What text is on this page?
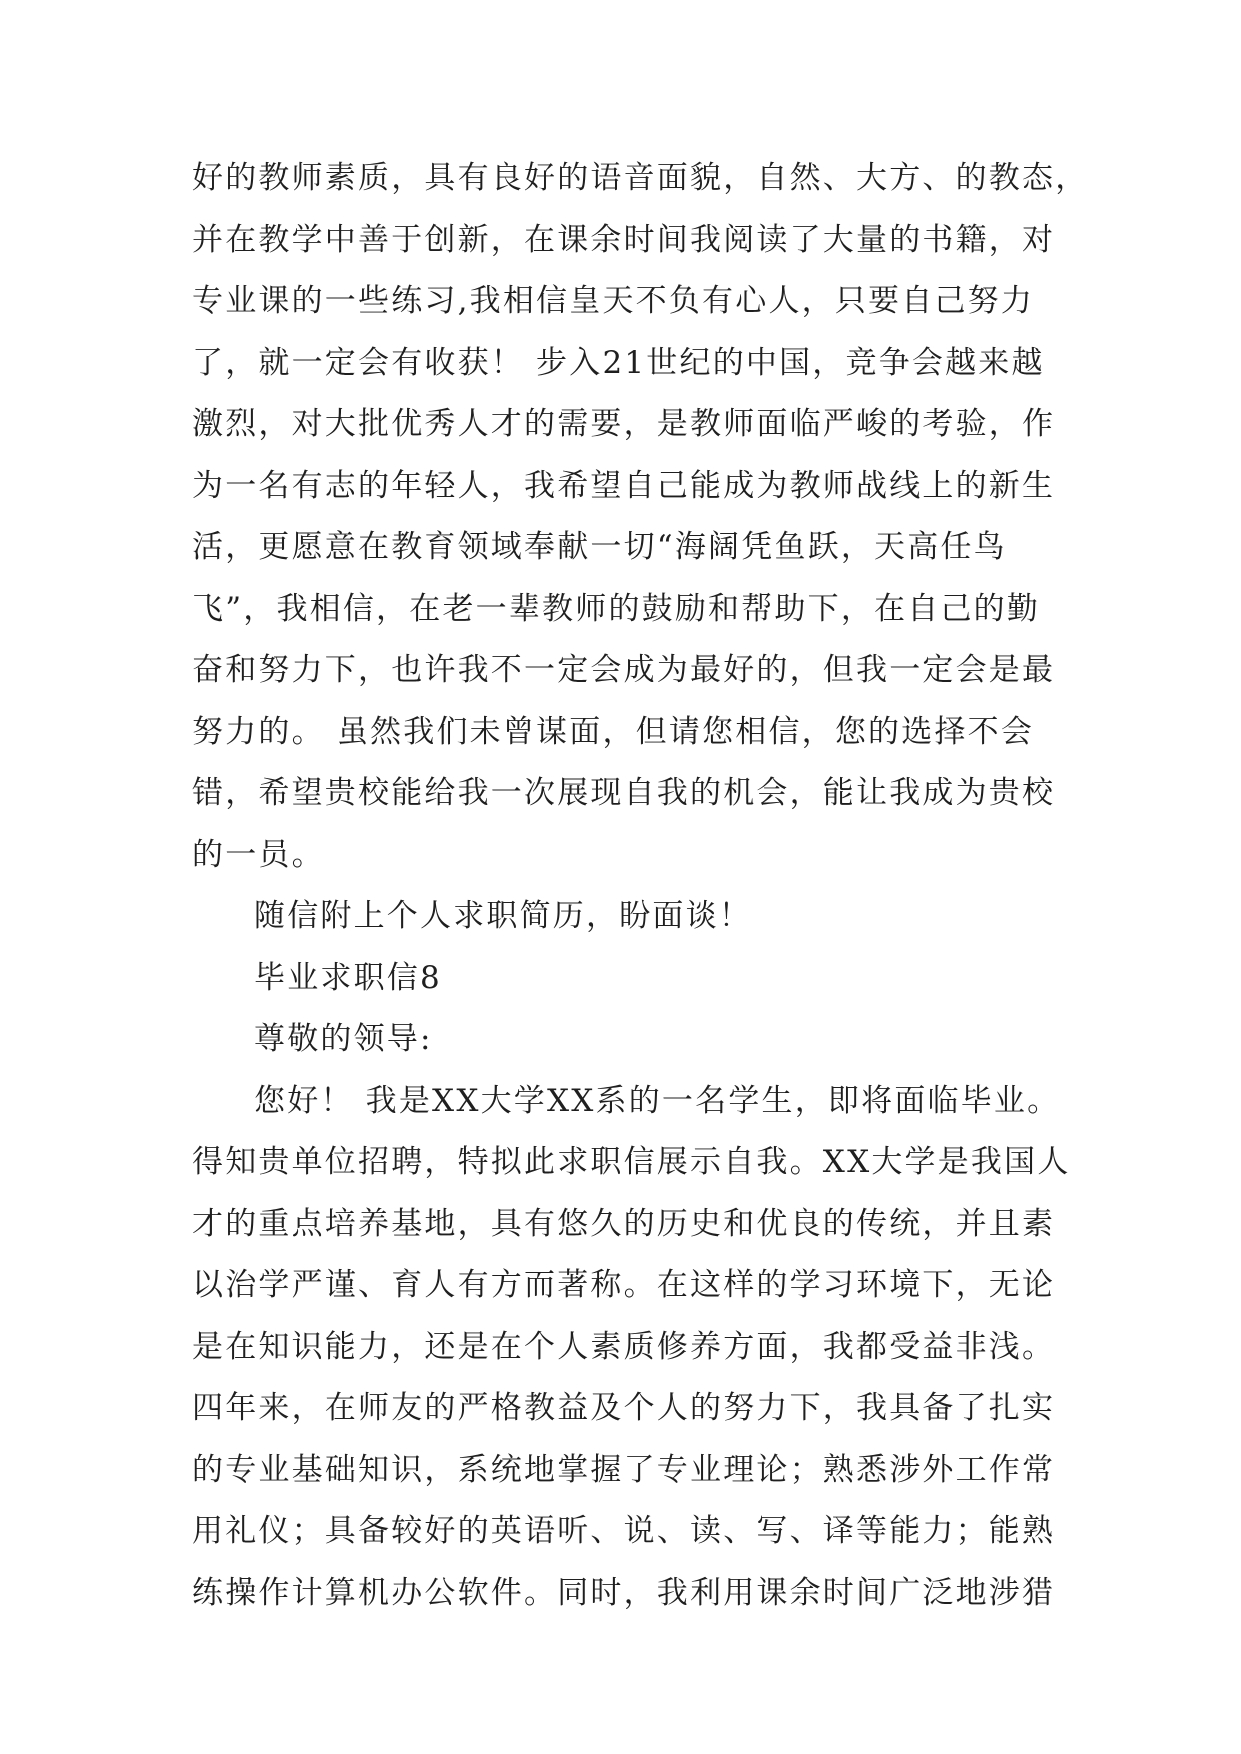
好的教师素质，具有良好的语音面貌，自然、大方、的教态，
并在教学中善于创新，在课余时间我阅读了大量的书籍，对
专业课的一些练习,我相信皇天不负有心人，只要自己努力
了，就一定会有收获！ 步入21世纪的中国，竞争会越来越
激烈，对大批优秀人才的需要，是教师面临严峻的考验，作
为一名有志的年轻人，我希望自己能成为教师战线上的新生
活，更愿意在教育领域奉献一切“海阔凭鱼跃，天高任鸟
飞”，我相信，在老一辈教师的鼓励和帮助下，在自己的勤
奋和努力下，也许我不一定会成为最好的，但我一定会是最
努力的。 虽然我们未曾谋面，但请您相信，您的选择不会
错，希望贵校能给我一次展现自我的机会，能让我成为贵校
的一员。
随信附上个人求职简历，盼面谈！
毕业求职信8
尊敬的领导:
您好！ 我是XX大学XX系的一名学生，即将面临毕业。
得知贵单位招聘，特拟此求职信展示自我。XX大学是我国人
才的重点培养基地，具有悠久的历史和优良的传统，并且素
以治学严谨、育人有方而著称。在这样的学习环境下，无论
是在知识能力，还是在个人素质修养方面，我都受益非浅。
四年来，在师友的严格教益及个人的努力下，我具备了扎实
的专业基础知识，系统地掌握了专业理论；熟悉涉外工作常
用礼仪；具备较好的英语听、说、读、写、译等能力；能熟
练操作计算机办公软件。同时，我利用课余时间广泛地涉猎
